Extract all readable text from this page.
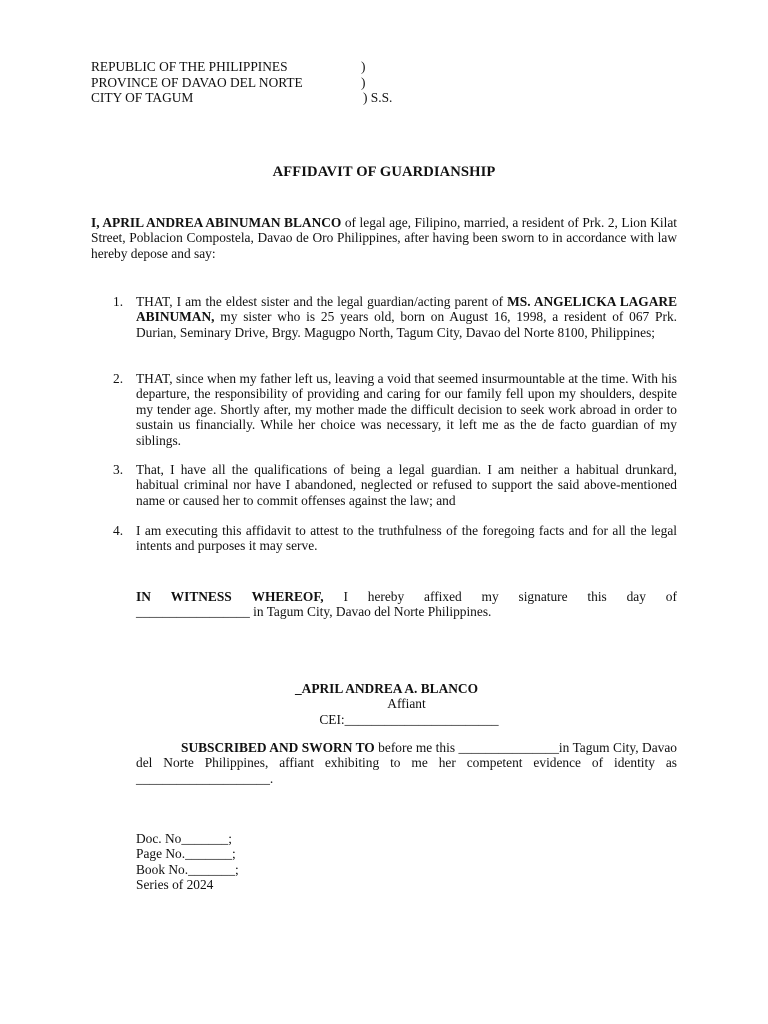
REPUBLIC OF THE PHILIPPINES
PROVINCE OF DAVAO DEL NORTE
CITY OF TAGUM
)
)
) S.S.
AFFIDAVIT OF GUARDIANSHIP
I, APRIL ANDREA ABINUMAN BLANCO of legal age, Filipino, married, a resident of Prk. 2, Lion Kilat Street, Poblacion Compostela, Davao de Oro Philippines, after having been sworn to in accordance with law hereby depose and say:
1. THAT, I am the eldest sister and the legal guardian/acting parent of MS. ANGELICKA LAGARE ABINUMAN, my sister who is 25 years old, born on August 16, 1998, a resident of 067 Prk. Durian, Seminary Drive, Brgy. Magugpo North, Tagum City, Davao del Norte 8100, Philippines;
2. THAT, since when my father left us, leaving a void that seemed insurmountable at the time. With his departure, the responsibility of providing and caring for our family fell upon my shoulders, despite my tender age. Shortly after, my mother made the difficult decision to seek work abroad in order to sustain us financially. While her choice was necessary, it left me as the de facto guardian of my siblings.
3. That, I have all the qualifications of being a legal guardian. I am neither a habitual drunkard, habitual criminal nor have I abandoned, neglected or refused to support the said above-mentioned name or caused her to commit offenses against the law; and
4. I am executing this affidavit to attest to the truthfulness of the foregoing facts and for all the legal intents and purposes it may serve.
IN WITNESS WHEREOF, I hereby affixed my signature this day of
_________________ in Tagum City, Davao del Norte Philippines.
_APRIL ANDREA A. BLANCO
Affiant
CEI:_______________________
SUBSCRIBED AND SWORN TO before me this _______________in Tagum City, Davao del Norte Philippines, affiant exhibiting to me her competent evidence of identity as ____________________.
Doc. No_______;
Page No._______;
Book No._______;
Series of 2024
